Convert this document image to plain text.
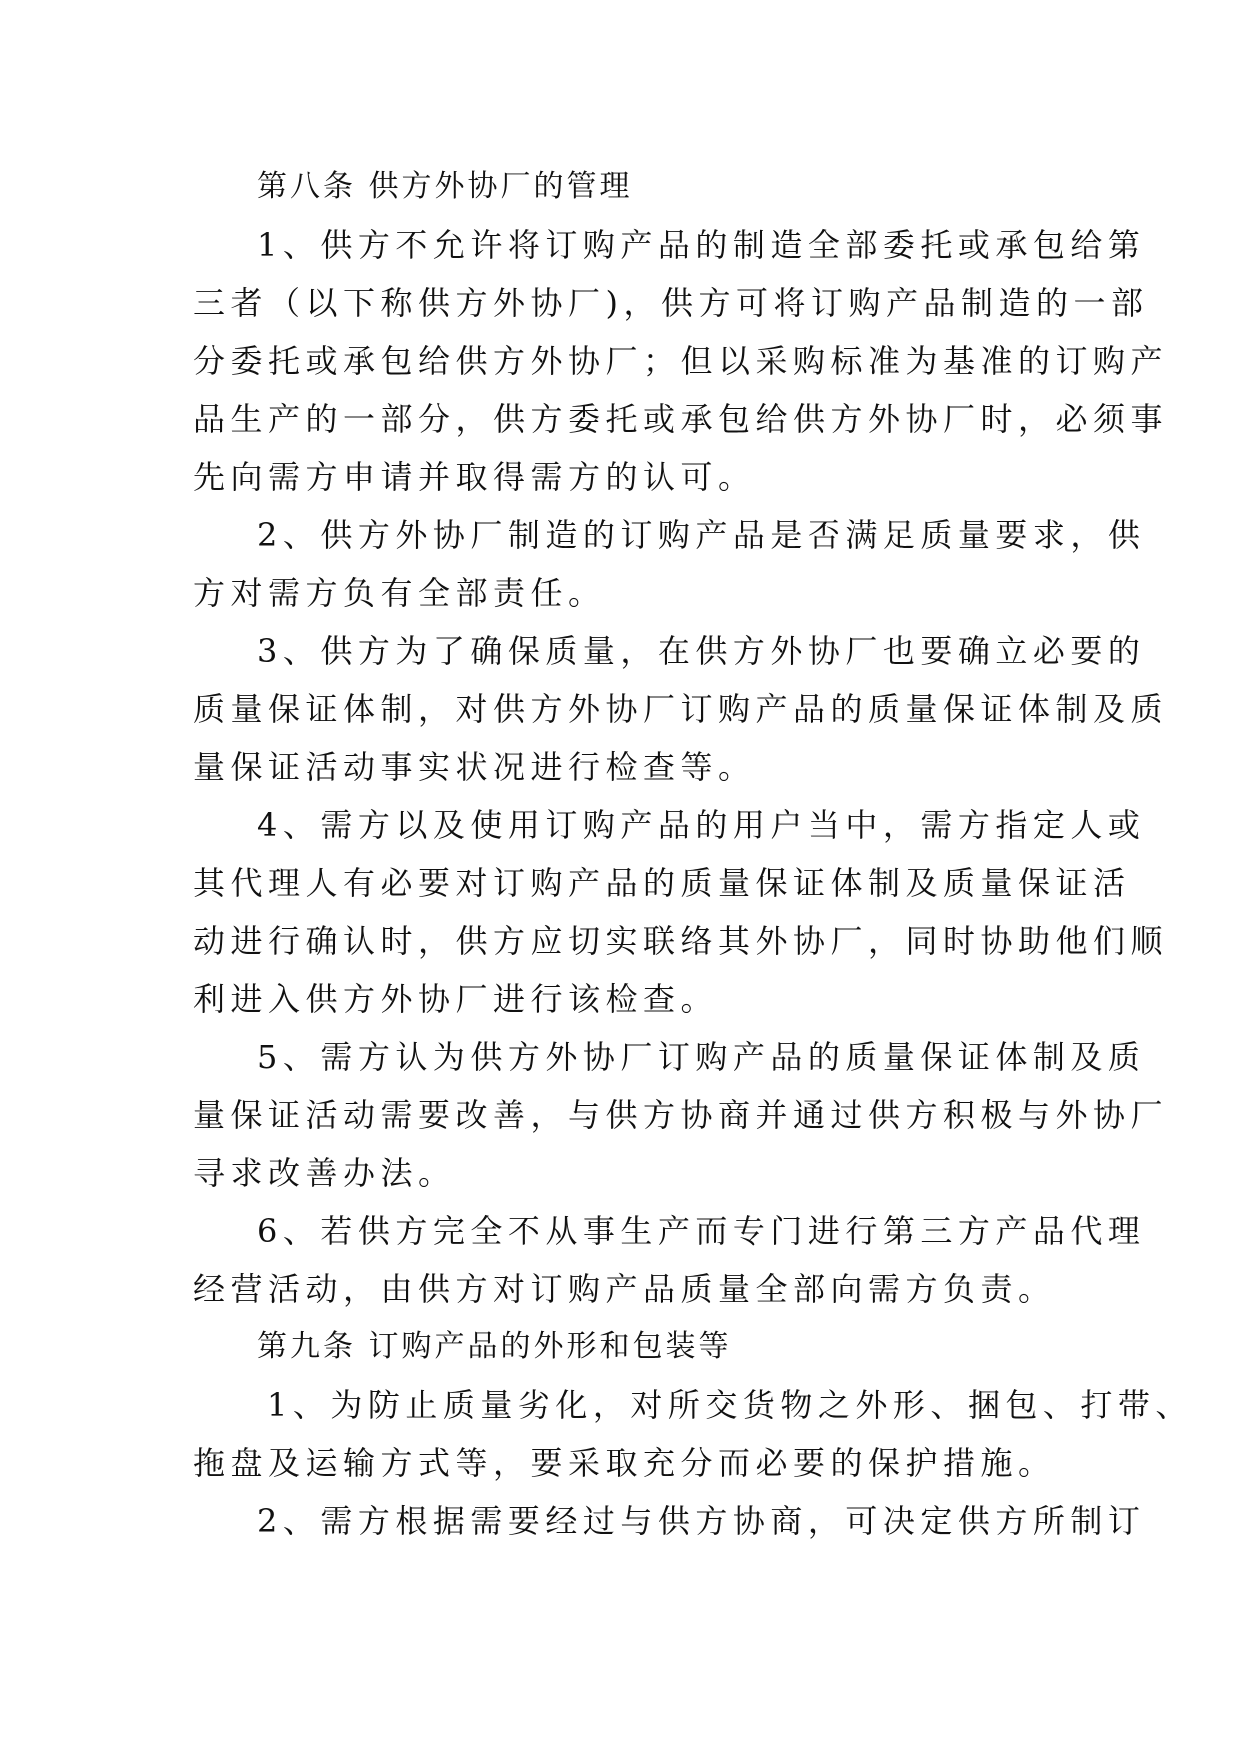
第八条 供方外协厂的管理
1、供方不允许将订购产品的制造全部委托或承包给第
三者（以下称供方外协厂)，供方可将订购产品制造的一部
分委托或承包给供方外协厂；但以采购标准为基准的订购产
品生产的一部分，供方委托或承包给供方外协厂时，必须事
先向需方申请并取得需方的认可。
2、供方外协厂制造的订购产品是否满足质量要求，供
方对需方负有全部责任。
3、供方为了确保质量，在供方外协厂也要确立必要的
质量保证体制，对供方外协厂订购产品的质量保证体制及质
量保证活动事实状况进行检查等。
4、需方以及使用订购产品的用户当中，需方指定人或
其代理人有必要对订购产品的质量保证体制及质量保证活
动进行确认时，供方应切实联络其外协厂，同时协助他们顺
利进入供方外协厂进行该检查。
5、需方认为供方外协厂订购产品的质量保证体制及质
量保证活动需要改善，与供方协商并通过供方积极与外协厂
寻求改善办法。
6、若供方完全不从事生产而专门进行第三方产品代理
经营活动，由供方对订购产品质量全部向需方负责。
第九条 订购产品的外形和包装等
1、为防止质量劣化，对所交货物之外形、捆包、打带、
拖盘及运输方式等，要采取充分而必要的保护措施。
2、需方根据需要经过与供方协商，可决定供方所制订
